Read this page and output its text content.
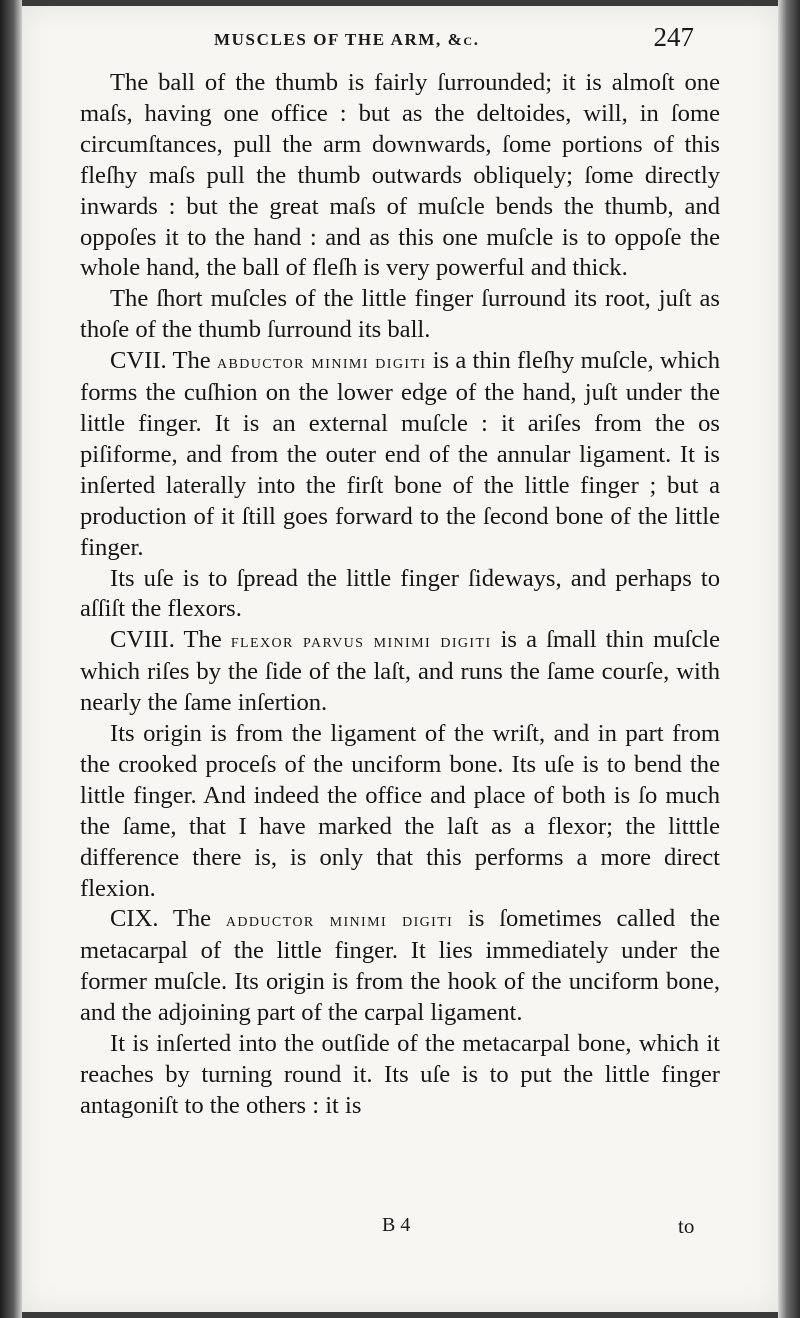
MUSCLES OF THE ARM, &c.	247

The ball of the thumb is fairly ſurrounded; it is almoſt one maſs, having one office : but as the deltoides, will, in ſome circumſtances, pull the arm downwards, ſome portions of this fleſhy maſs pull the thumb outwards obliquely; ſome directly inwards : but the great maſs of muſcle bends the thumb, and oppoſes it to the hand : and as this one muſcle is to oppoſe the whole hand, the ball of fleſh is very powerful and thick.

The ſhort muſcles of the little finger ſurround its root, juſt as thoſe of the thumb ſurround its ball.

CVII. The abductor minimi digiti is a thin fleſhy muſcle, which forms the cuſhion on the lower edge of the hand, juſt under the little finger. It is an external muſcle : it ariſes from the os piſiforme, and from the outer end of the annular ligament. It is inſerted laterally into the firſt bone of the little finger ; but a production of it ſtill goes forward to the ſecond bone of the little finger.

Its uſe is to ſpread the little finger ſideways, and perhaps to aſſiſt the flexors.

CVIII. The flexor parvus minimi digiti is a ſmall thin muſcle which riſes by the ſide of the laſt, and runs the ſame courſe, with nearly the ſame inſertion.

Its origin is from the ligament of the wriſt, and in part from the crooked proceſs of the unciform bone. Its uſe is to bend the little finger. And indeed the office and place of both is ſo much the ſame, that I have marked the laſt as a flexor; the litttle difference there is, is only that this performs a more direct flexion.

CIX. The adductor minimi digiti is ſometimes called the metacarpal of the little finger. It lies immediately under the former muſcle. Its origin is from the hook of the unciform bone, and the adjoining part of the carpal ligament.

It is inſerted into the outſide of the metacarpal bone, which it reaches by turning round it. Its uſe is to put the little finger antagoniſt to the others : it is

B 4	to
